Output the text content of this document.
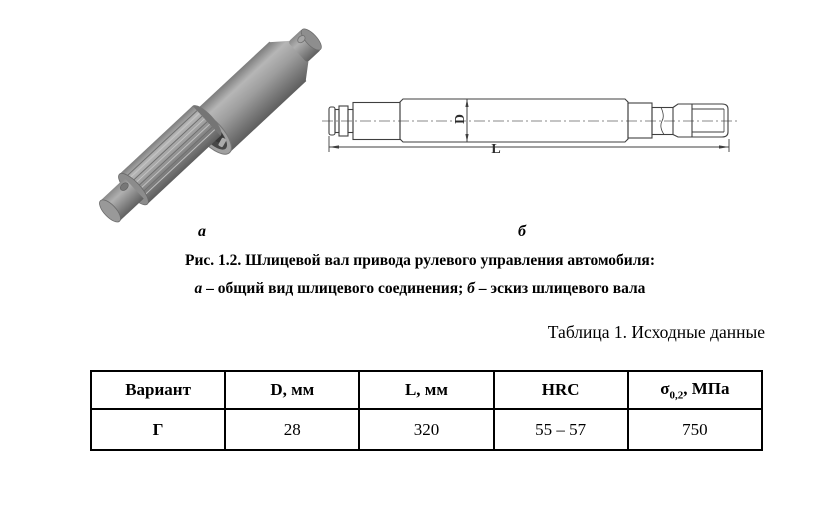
D
L
а	б
Рис. 1.2. Шлицевой вал привода рулевого управления автомобиля:
а – общий вид шлицевого соединения; б – эскиз шлицевого вала
Таблица 1. Исходные данные
Вариант	D, мм	L, мм	HRC	$\sigma_{0,2}$, МПа
Г	28	320	55 – 57	750
